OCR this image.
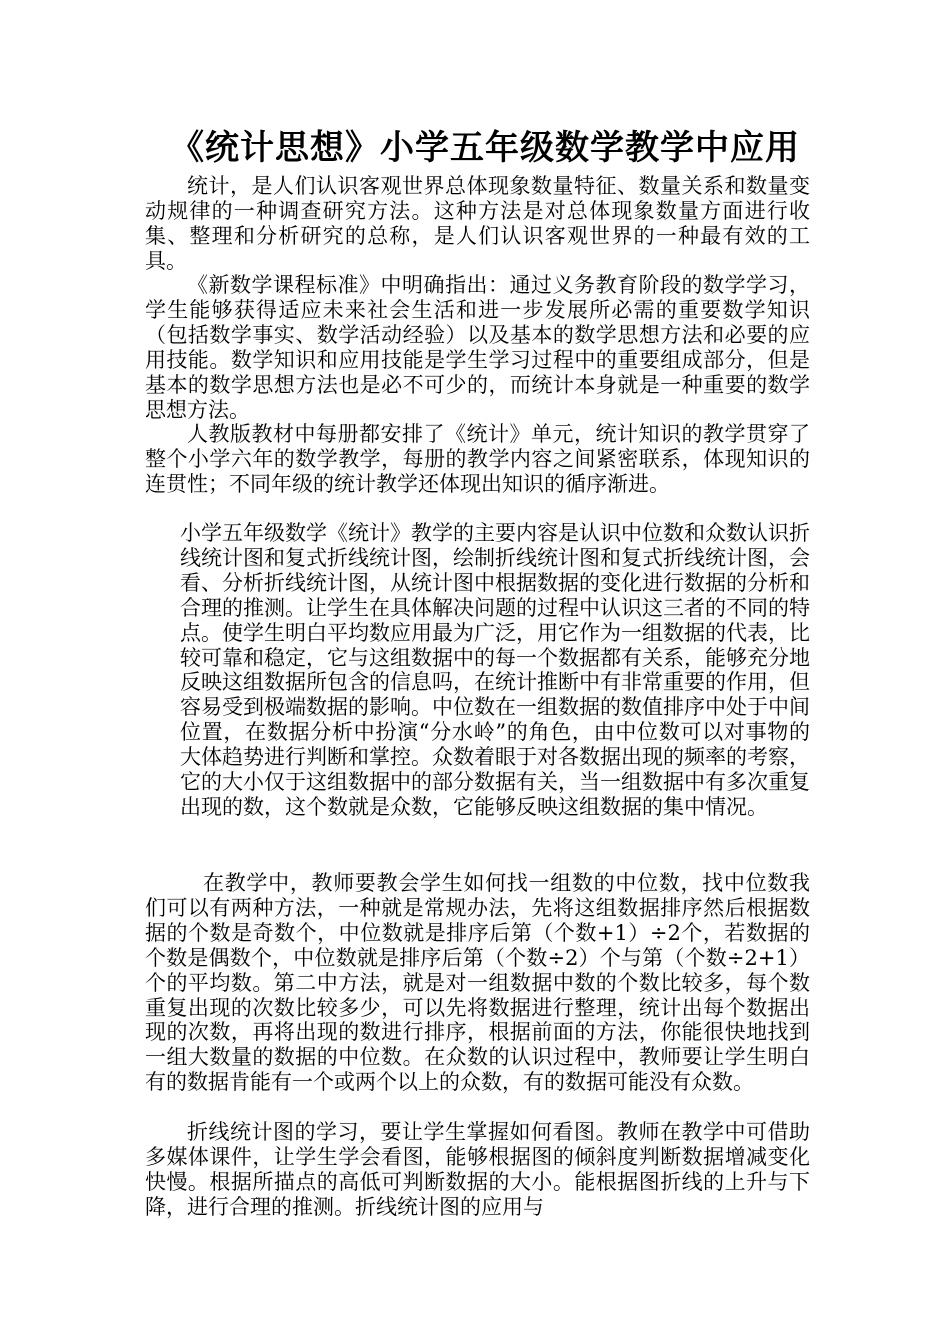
《统计思想》小学五年级数学教学中应用

统计，是人们认识客观世界总体现象数量特征、数量关系和数量变动规律的一种调查研究方法。这种方法是对总体现象数量方面进行收集、整理和分析研究的总称，是人们认识客观世界的一种最有效的工具。

《新数学课程标准》中明确指出：通过义务教育阶段的数学学习，学生能够获得适应未来社会生活和进一步发展所必需的重要数学知识（包括数学事实、数学活动经验）以及基本的数学思想方法和必要的应用技能。数学知识和应用技能是学生学习过程中的重要组成部分，但是基本的数学思想方法也是必不可少的，而统计本身就是一种重要的数学思想方法。

人教版教材中每册都安排了《统计》单元，统计知识的教学贯穿了整个小学六年的数学教学，每册的教学内容之间紧密联系，体现知识的连贯性；不同年级的统计教学还体现出知识的循序渐进。

小学五年级数学《统计》教学的主要内容是认识中位数和众数认识折线统计图和复式折线统计图，绘制折线统计图和复式折线统计图，会看、分析折线统计图，从统计图中根据数据的变化进行数据的分析和合理的推测。让学生在具体解决问题的过程中认识这三者的不同的特点。使学生明白平均数应用最为广泛，用它作为一组数据的代表，比较可靠和稳定，它与这组数据中的每一个数据都有关系，能够充分地反映这组数据所包含的信息吗，在统计推断中有非常重要的作用，但容易受到极端数据的影响。中位数在一组数据的数值排序中处于中间位置，在数据分析中扮演“分水岭”的角色，由中位数可以对事物的大体趋势进行判断和掌控。众数着眼于对各数据出现的频率的考察，它的大小仅于这组数据中的部分数据有关，当一组数据中有多次重复出现的数，这个数就是众数，它能够反映这组数据的集中情况。

在教学中，教师要教会学生如何找一组数的中位数，找中位数我们可以有两种方法，一种就是常规办法，先将这组数据排序然后根据数据的个数是奇数个，中位数就是排序后第（个数+1）÷2个，若数据的个数是偶数个，中位数就是排序后第（个数÷2）个与第（个数÷2+1）个的平均数。第二中方法，就是对一组数据中数的个数比较多，每个数重复出现的次数比较多少，可以先将数据进行整理，统计出每个数据出现的次数，再将出现的数进行排序，根据前面的方法，你能很快地找到一组大数量的数据的中位数。在众数的认识过程中，教师要让学生明白有的数据肯能有一个或两个以上的众数，有的数据可能没有众数。

折线统计图的学习，要让学生掌握如何看图。教师在教学中可借助多媒体课件，让学生学会看图，能够根据图的倾斜度判断数据增减变化快慢。根据所描点的高低可判断数据的大小。能根据图折线的上升与下降，进行合理的推测。折线统计图的应用与
